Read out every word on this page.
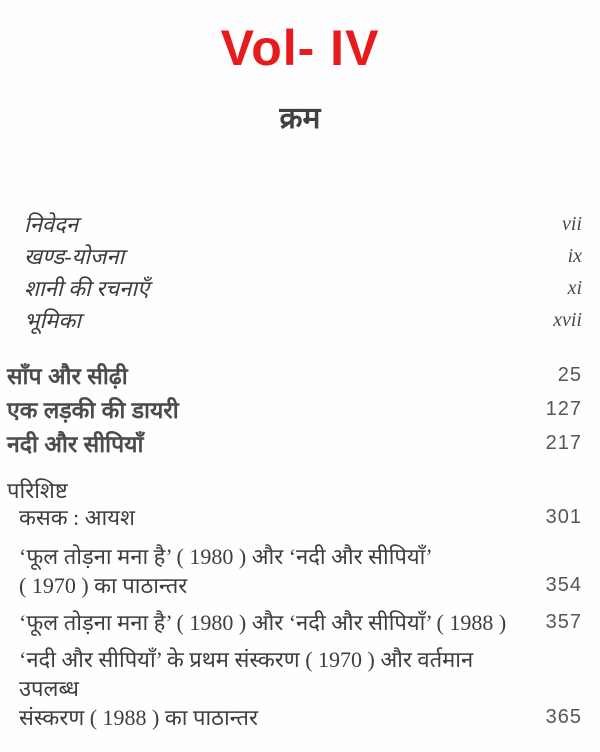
Vol- IV
क्रम
निवेदन	vii
खण्ड-योजना	ix
शानी की रचनाएँ	xi
भूमिका	xvii
साँप और सीढ़ी	25
एक लड़की की डायरी	127
नदी और सीपियाँ	217
परिशिष्ट
कसक : आयश	301
‘फूल तोड़ना मना है’ ( 1980 ) और ‘नदी और सीपियाँ’
( 1970 ) का पाठान्तर	354
‘फूल तोड़ना मना है’ ( 1980 ) और ‘नदी और सीपियाँ’ ( 1988 ) 357
‘नदी और सीपियाँ’ के प्रथम संस्करण ( 1970 ) और वर्तमान उपलब्ध
संस्करण ( 1988 ) का पाठान्तर	365
